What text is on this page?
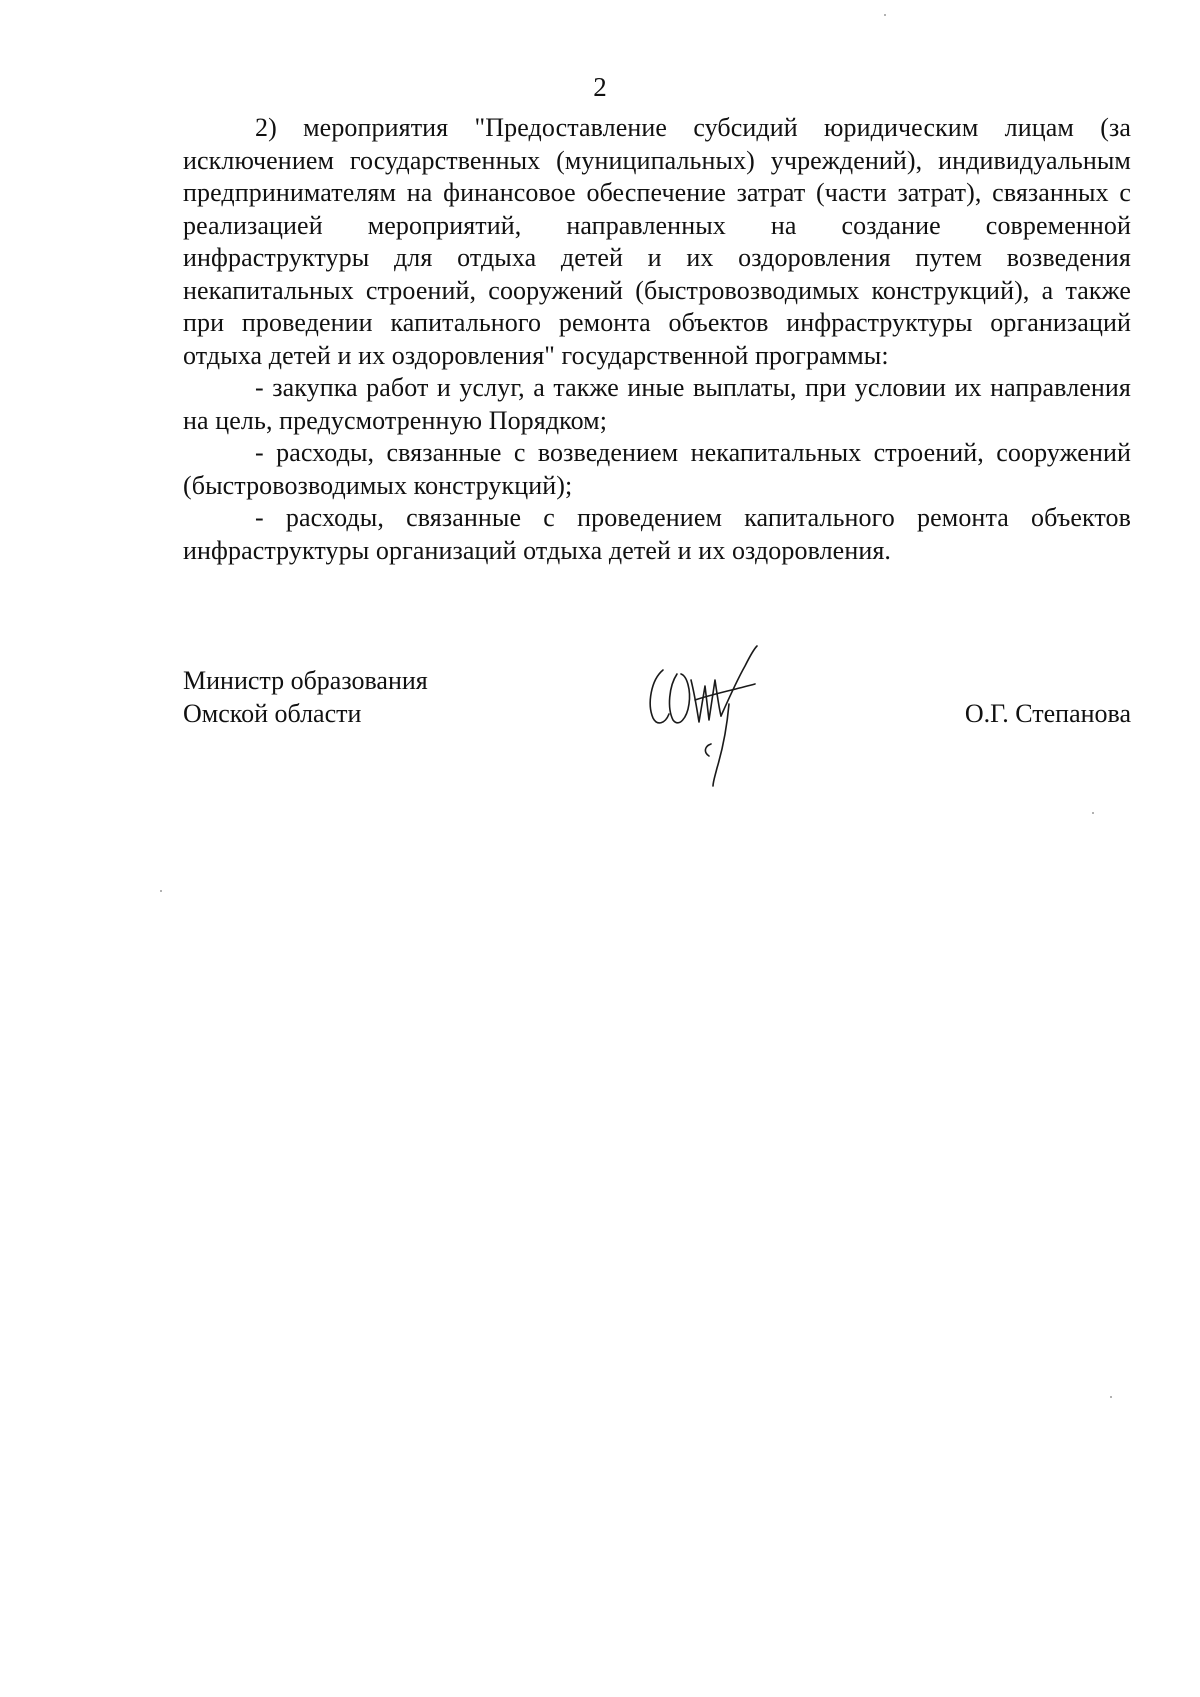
2

2) мероприятия "Предоставление субсидий юридическим лицам (за исключением государственных (муниципальных) учреждений), индивидуальным предпринимателям на финансовое обеспечение затрат (части затрат), связанных с реализацией мероприятий, направленных на создание современной инфраструктуры для отдыха детей и их оздоровления путем возведения некапитальных строений, сооружений (быстровозводимых конструкций), а также при проведении капитального ремонта объектов инфраструктуры организаций отдыха детей и их оздоровления" государственной программы:

- закупка работ и услуг, а также иные выплаты, при условии их направления на цель, предусмотренную Порядком;

- расходы, связанные с возведением некапитальных строений, сооружений (быстровозводимых конструкций);

- расходы, связанные с проведением капитального ремонта объектов инфраструктуры организаций отдыха детей и их оздоровления.

Министр образования
Омской области	О.Г. Степанова
